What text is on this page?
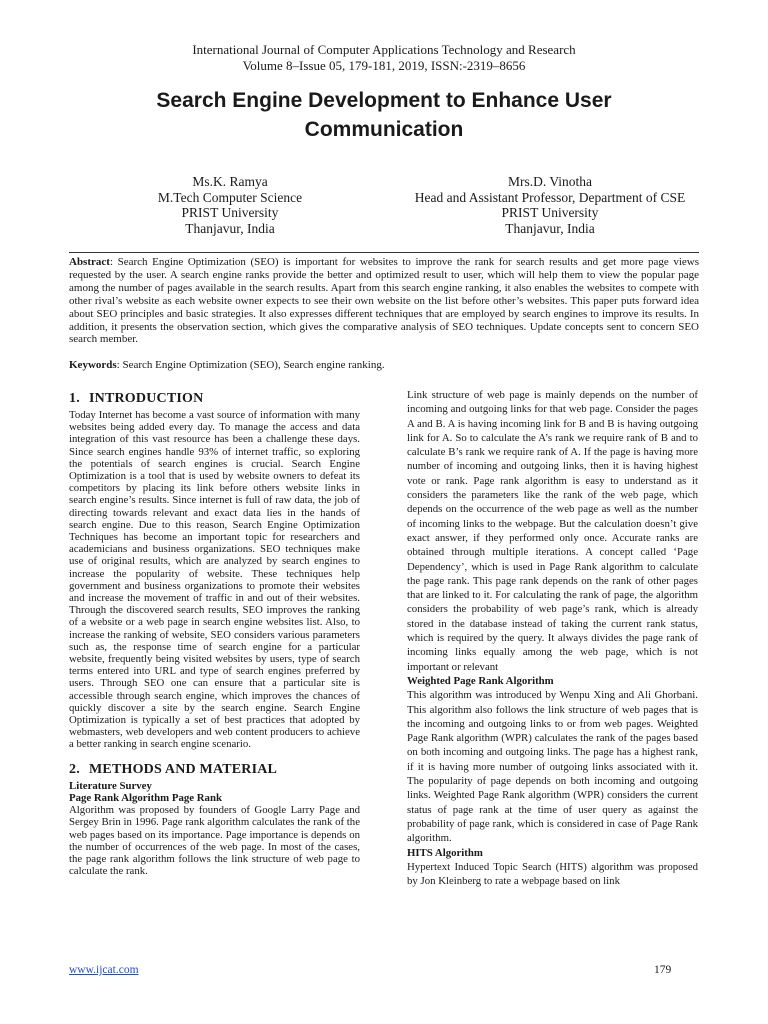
International Journal of Computer Applications Technology and Research
Volume 8–Issue 05, 179-181, 2019, ISSN:-2319–8656
Search Engine Development to Enhance User
Communication
Ms.K. Ramya
M.Tech Computer Science
PRIST University
Thanjavur, India
Mrs.D. Vinotha
Head and Assistant Professor, Department of CSE
PRIST University
Thanjavur, India
Abstract: Search Engine Optimization (SEO) is important for websites to improve the rank for search results and get more page views requested by the user. A search engine ranks provide the better and optimized result to user, which will help them to view the popular page among the number of pages available in the search results. Apart from this search engine ranking, it also enables the websites to compete with other rival’s website as each website owner expects to see their own website on the list before other’s websites. This paper puts forward idea about SEO principles and basic strategies. It also expresses different techniques that are employed by search engines to improve its results. In addition, it presents the observation section, which gives the comparative analysis of SEO techniques. Update concepts sent to concern SEO search member.
Keywords: Search Engine Optimization (SEO), Search engine ranking.
1. INTRODUCTION

Today Internet has become a vast source of information with many websites being added every day. To manage the access and data integration of this vast resource has been a challenge these days. Since search engines handle 93% of internet traffic, so exploring the potentials of search engines is crucial. Search Engine Optimization is a tool that is used by website owners to defeat its competitors by placing its link before others website links in search engine’s results. Since internet is full of raw data, the job of directing towards relevant and exact data lies in the hands of search engine. Due to this reason, Search Engine Optimization Techniques has become an important topic for researchers and academicians and business organizations. SEO techniques make use of original results, which are analyzed by search engines to increase the popularity of website. These techniques help government and business organizations to promote their websites and increase the movement of traffic in and out of their websites. Through the discovered search results, SEO improves the ranking of a website or a web page in search engine websites list. Also, to increase the ranking of website, SEO considers various parameters such as, the response time of search engine for a particular website, frequently being visited websites by users, type of search terms entered into URL and type of search engines preferred by users. Through SEO one can ensure that a particular site is accessible through search engine, which improves the chances of quickly discover a site by the search engine. Search Engine Optimization is typically a set of best practices that adopted by webmasters, web developers and web content producers to achieve a better ranking in search engine scenario.

2. METHODS AND MATERIAL

Literature Survey

Page Rank Algorithm Page Rank

Algorithm was proposed by founders of Google Larry Page and Sergey Brin in 1996. Page rank algorithm calculates the rank of the web pages based on its importance. Page importance is depends on the number of occurrences of the web page. In most of the cases, the page rank algorithm follows the link structure of web page to calculate the rank.

Link structure of web page is mainly depends on the number of incoming and outgoing links for that web page. Consider the pages A and B. A is having incoming link for B and B is having outgoing link for A. So to calculate the A’s rank we require rank of B and to calculate B’s rank we require rank of A. If the page is having more number of incoming and outgoing links, then it is having highest vote or rank. Page rank algorithm is easy to understand as it considers the parameters like the rank of the web page, which depends on the occurrence of the web page as well as the number of incoming links to the webpage. But the calculation doesn’t give exact answer, if they performed only once. Accurate ranks are obtained through multiple iterations. A concept called ‘Page Dependency’, which is used in Page Rank algorithm to calculate the page rank. This page rank depends on the rank of other pages that are linked to it. For calculating the rank of page, the algorithm considers the probability of web page’s rank, which is already stored in the database instead of taking the current rank status, which is required by the query. It always divides the page rank of incoming links equally among the web page, which is not important or relevant

Weighted Page Rank Algorithm

This algorithm was introduced by Wenpu Xing and Ali Ghorbani. This algorithm also follows the link structure of web pages that is the incoming and outgoing links to or from web pages. Weighted Page Rank algorithm (WPR) calculates the rank of the pages based on both incoming and outgoing links. The page has a highest rank, if it is having more number of outgoing links associated with it. The popularity of page depends on both incoming and outgoing links. Weighted Page Rank algorithm (WPR) considers the current status of page rank at the time of user query as against the probability of page rank, which is considered in case of Page Rank algorithm.

HITS Algorithm

Hypertext Induced Topic Search (HITS) algorithm was proposed by Jon Kleinberg to rate a webpage based on link

www.ijcat.com	179
